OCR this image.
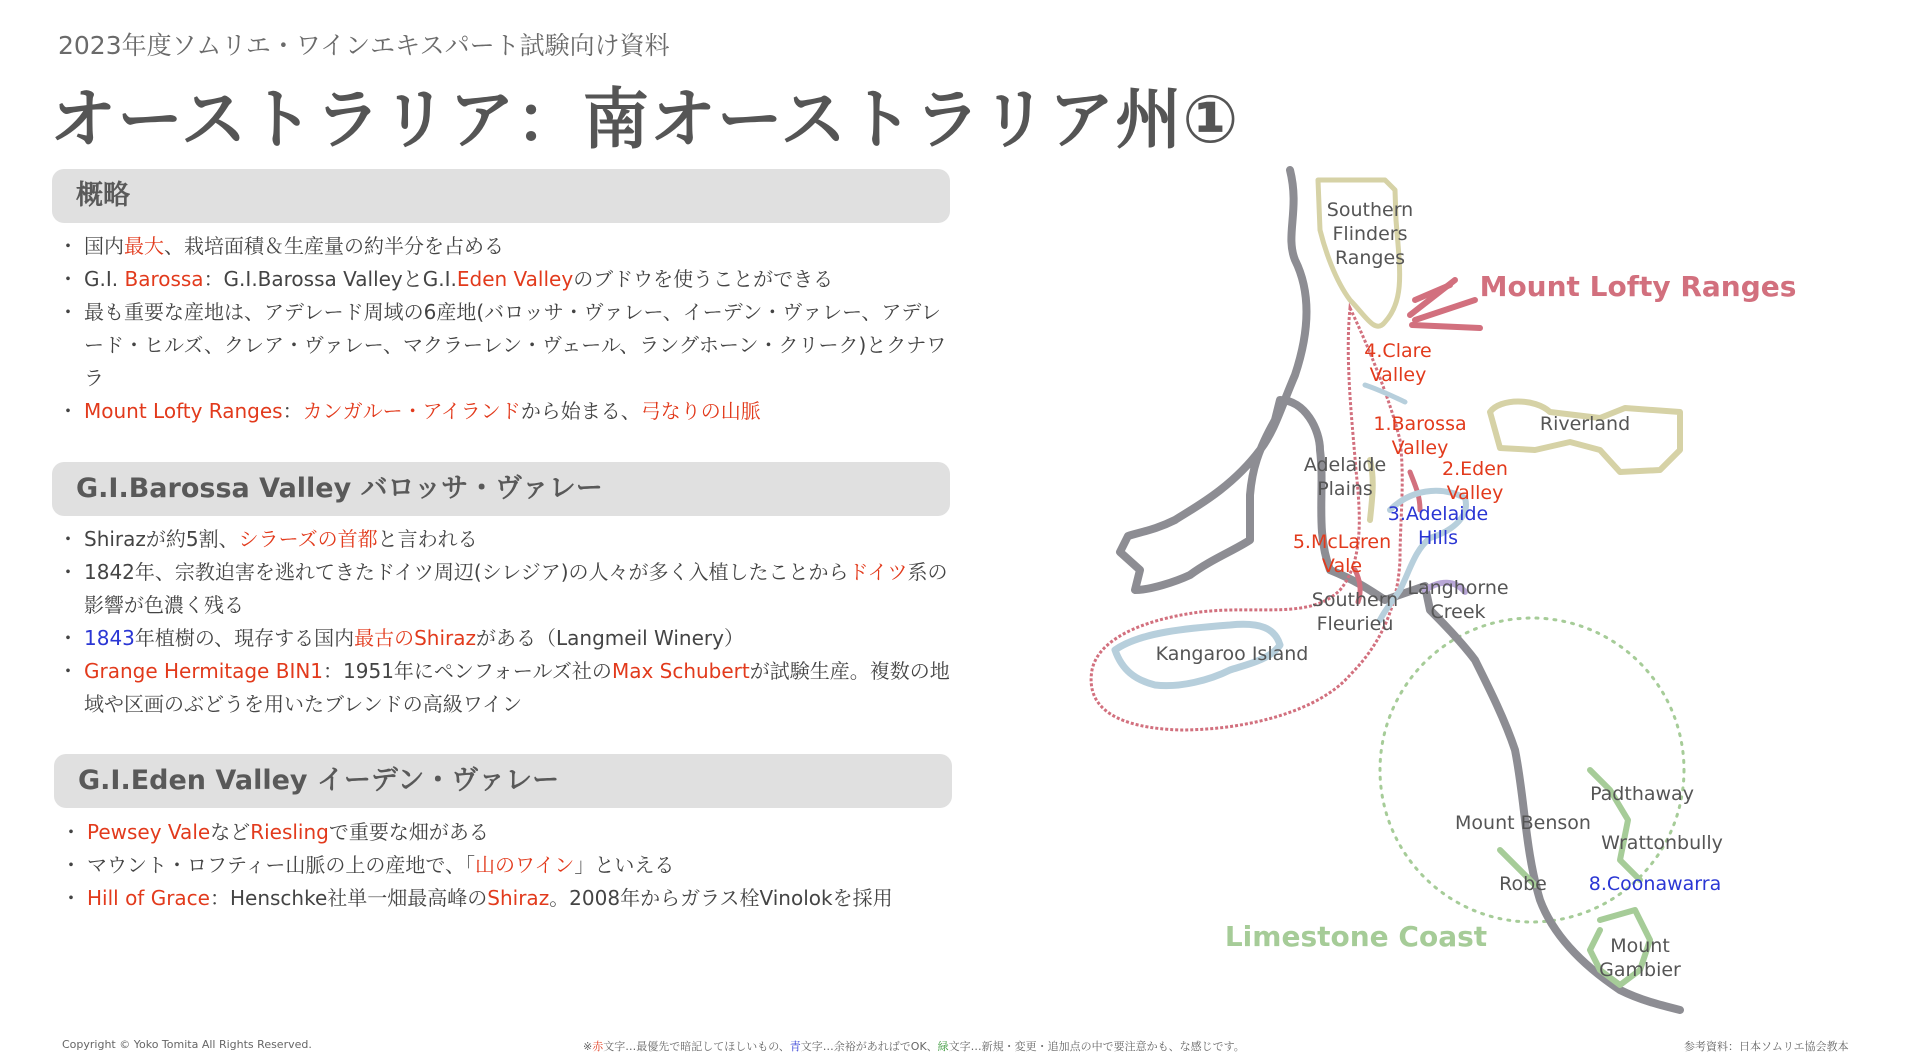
2023年度ソムリエ・ワインエキスパート試験向け資料
オーストラリア：南オーストラリア州①
概略
・ 国内最大、栽培面積＆生産量の約半分を占める
・ G.I. Barossa：G.I.Barossa ValleyとG.I.Eden Valleyのブドウを使うことができる
・ 最も重要な産地は、アデレード周域の6産地(バロッサ・ヴァレー、イーデン・ヴァレー、アデレード・ヒルズ、クレア・ヴァレー、マクラーレン・ヴェール、ラングホーン・クリーク)とクナワラ
・ Mount Lofty Ranges：カンガルー・アイランドから始まる、弓なりの山脈
G.I.Barossa Valley バロッサ・ヴァレー
・ Shirazが約5割、シラーズの首都と言われる
・ 1842年、宗教迫害を逃れてきたドイツ周辺(シレジア)の人々が多く入植したことからドイツ系の影響が色濃く残る
・ 1843年植樹の、現存する国内最古のShirazがある（Langmeil Winery）
・ Grange Hermitage BIN1：1951年にペンフォールズ社のMax Schubertが試験生産。複数の地域や区画のぶどうを用いたブレンドの高級ワイン
G.I.Eden Valley イーデン・ヴァレー
・ Pewsey ValeなどRieslingで重要な畑がある
・ マウント・ロフティー山脈の上の産地で、「山のワイン」といえる
・ Hill of Grace：Henschke社単一畑最高峰のShiraz。2008年からガラス栓Vinolokを採用
Southern
Flinders
Ranges
Mount Lofty Ranges
4.Clare
Valley
Riverland
1.Barossa
Valley
Adelaide
Plains
2.Eden
Valley
3.Adelaide
Hills
5.McLaren
Vale
Langhorne
Creek
Southern
Fleurieu
Kangaroo Island
Padthaway
Mount Benson
Wrattonbully
Robe 8.Coonawarra
Limestone Coast	Mount
Gambier
Copyright © Yoko Tomita All Rights Reserved.	※赤文字…最優先で暗記してほしいもの、青文字…余裕があればでOK、緑文字…新規・変更・追加点の中で要注意かも、な感じです。	参考資料：日本ソムリエ協会教本
